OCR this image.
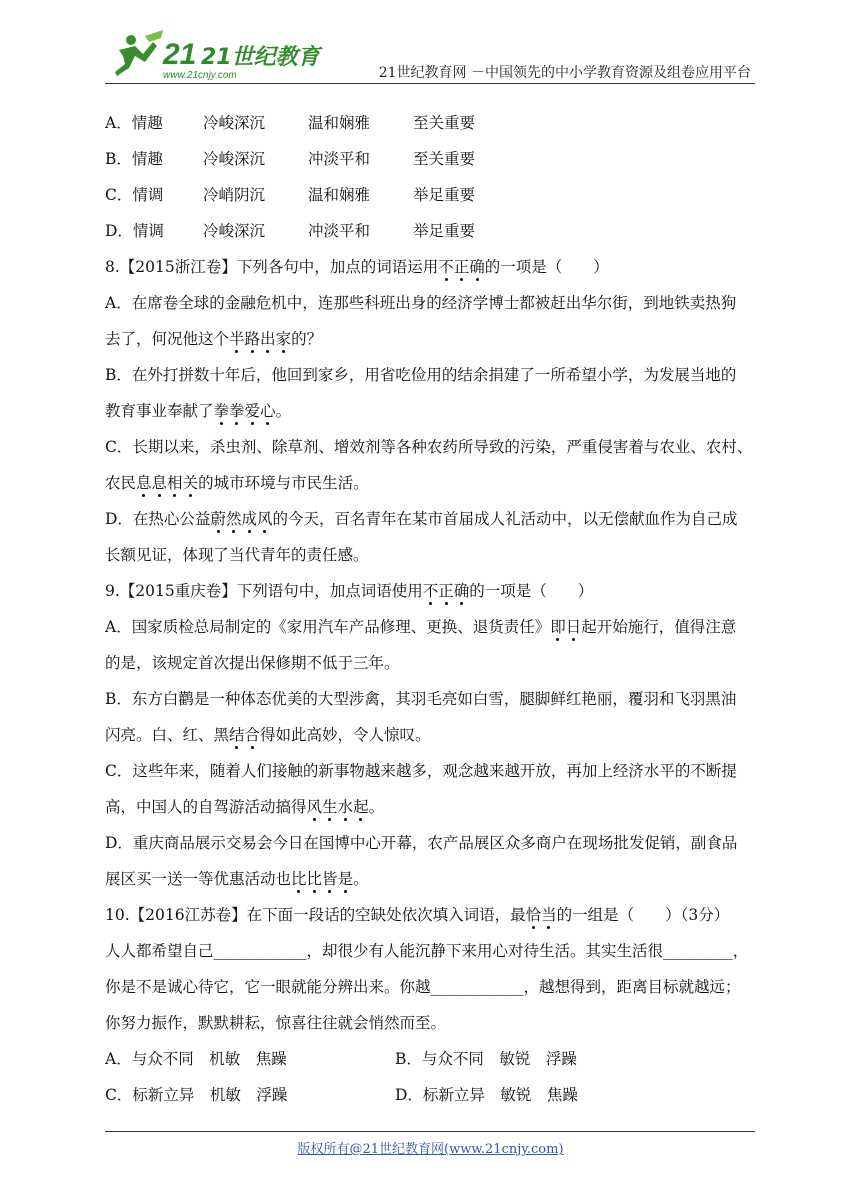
21 21世纪教育
www.21cnjy.com	21世纪教育网 －中国领先的中小学教育资源及组卷应用平台
A．情趣	冷峻深沉	温和娴雅	至关重要
B．情趣	冷峻深沉	冲淡平和	至关重要
C．情调	冷峭阴沉	温和娴雅	举足重要
D．情调	冷峻深沉	冲淡平和	举足重要
8.【2015浙江卷】下列各句中，加点的词语运用不正确的一项是（　　）
A．在席卷全球的金融危机中，连那些科班出身的经济学博士都被赶出华尔街，到地铁卖热狗
去了，何况他这个半路出家的？
B．在外打拼数十年后，他回到家乡，用省吃俭用的结余捐建了一所希望小学，为发展当地的
教育事业奉献了拳拳爱心。
C．长期以来，杀虫剂、除草剂、增效剂等各种农药所导致的污染，严重侵害着与农业、农村、
农民息息相关的城市环境与市民生活。
D．在热心公益蔚然成风的今天，百名青年在某市首届成人礼活动中，以无偿献血作为自己成
长额见证，体现了当代青年的责任感。
9.【2015重庆卷】下列语句中，加点词语使用不正确的一项是（　　）
A．国家质检总局制定的《家用汽车产品修理、更换、退货责任》即日起开始施行，值得注意
的是，该规定首次提出保修期不低于三年。
B．东方白鹳是一种体态优美的大型涉禽，其羽毛亮如白雪，腿脚鲜红艳丽，覆羽和飞羽黑油
闪亮。白、红、黑结合得如此高妙，令人惊叹。
C．这些年来，随着人们接触的新事物越来越多，观念越来越开放，再加上经济水平的不断提
高，中国人的自驾游活动搞得风生水起。
D．重庆商品展示交易会今日在国博中心开幕，农产品展区众多商户在现场批发促销，副食品
展区买一送一等优惠活动也比比皆是。
10.【2016江苏卷】在下面一段话的空缺处依次填入词语，最恰当的一组是（　　）（3分）
人人都希望自己____________，却很少有人能沉静下来用心对待生活。其实生活很_________，
你是不是诚心待它，它一眼就能分辨出来。你越____________，越想得到，距离目标就越远；
你努力振作，默默耕耘，惊喜往往就会悄然而至。
A．与众不同　机敏　焦躁	B．与众不同　敏锐　浮躁
C．标新立异　机敏　浮躁	D．标新立异　敏锐　焦躁
版权所有@21世纪教育网(www.21cnjy.com)
